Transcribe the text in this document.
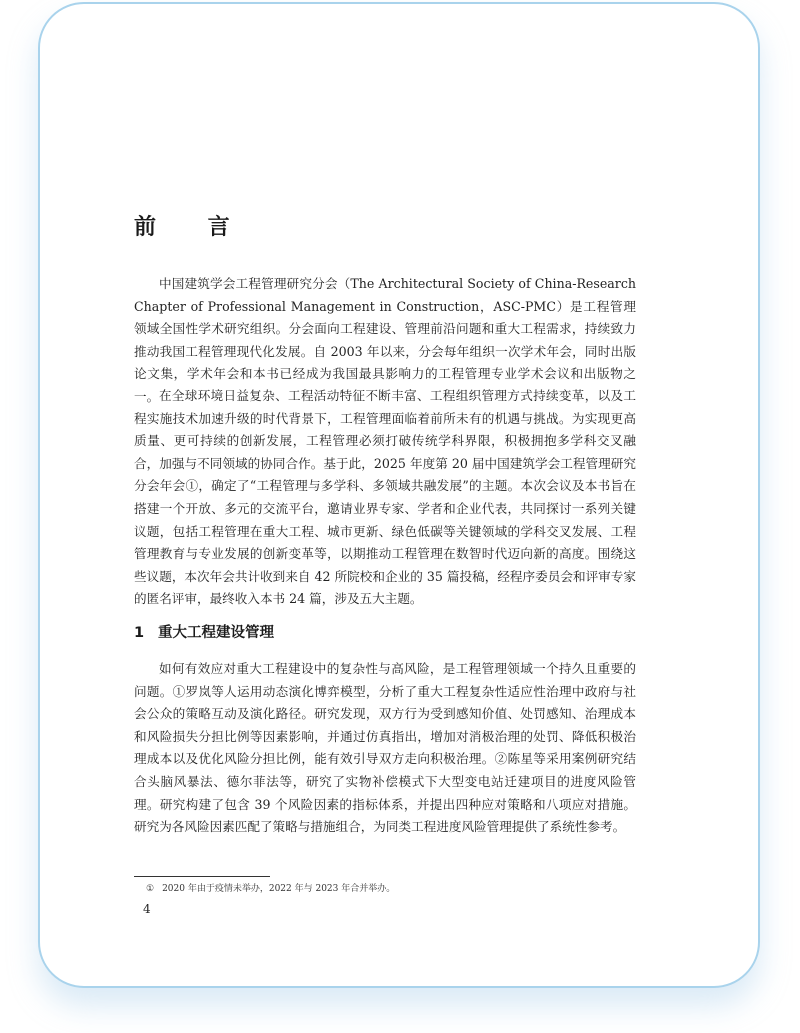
前 言

中国建筑学会工程管理研究分会（The Architectural Society of China-Research Chapter of Professional Management in Construction，ASC-PMC）是工程管理领域全国性学术研究组织。分会面向工程建设、管理前沿问题和重大工程需求，持续致力推动我国工程管理现代化发展。自 2003 年以来，分会每年组织一次学术年会，同时出版论文集，学术年会和本书已经成为我国最具影响力的工程管理专业学术会议和出版物之一。 在全球环境日益复杂、工程活动特征不断丰富、工程组织管理方式持续变革，以及工程实施技术加速升级的时代背景下，工程管理面临着前所未有的机遇与挑战。为实现更高质量、更可持续的创新发展，工程管理必须打破传统学科界限，积极拥抱多学科交叉融合，加强与不同领域的协同合作。基于此，2025 年度第 20 届中国建筑学会工程管理研究分会年会①，确定了“工程管理与多学科、多领域共融发展”的主题。本次会议及本书旨在搭建一个开放、多元的交流平台，邀请业界专家、学者和企业代表，共同探讨一系列关键议题，包括工程管理在重大工程、城市更新、绿色低碳等关键领域的学科交叉发展、工程管理教育与专业发展的创新变革等，以期推动工程管理在数智时代迈向新的高度。围绕这些议题，本次年会共计收到来自 42 所院校和企业的 35 篇投稿，经程序委员会和评审专家的匿名评审，最终收入本书 24 篇，涉及五大主题。

1 重大工程建设管理

如何有效应对重大工程建设中的复杂性与高风险，是工程管理领域一个持久且重要的问题。①罗岚等人运用动态演化博弈模型，分析了重大工程复杂性适应性治理中政府与社会公众的策略互动及演化路径。研究发现，双方行为受到感知价值、处罚感知、治理成本和风险损失分担比例等因素影响，并通过仿真指出，增加对消极治理的处罚、降低积极治理成本以及优化风险分担比例，能有效引导双方走向积极治理。②陈星等采用案例研究结合头脑风暴法、德尔菲法等，研究了实物补偿模式下大型变电站迁建项目的进度风险管理。研究构建了包含 39 个风险因素的指标体系，并提出四种应对策略和八项应对措施。研究为各风险因素匹配了策略与措施组合，为同类工程进度风险管理提供了系统性参考。

① 2020 年由于疫情未举办，2022 年与 2023 年合并举办。

4
